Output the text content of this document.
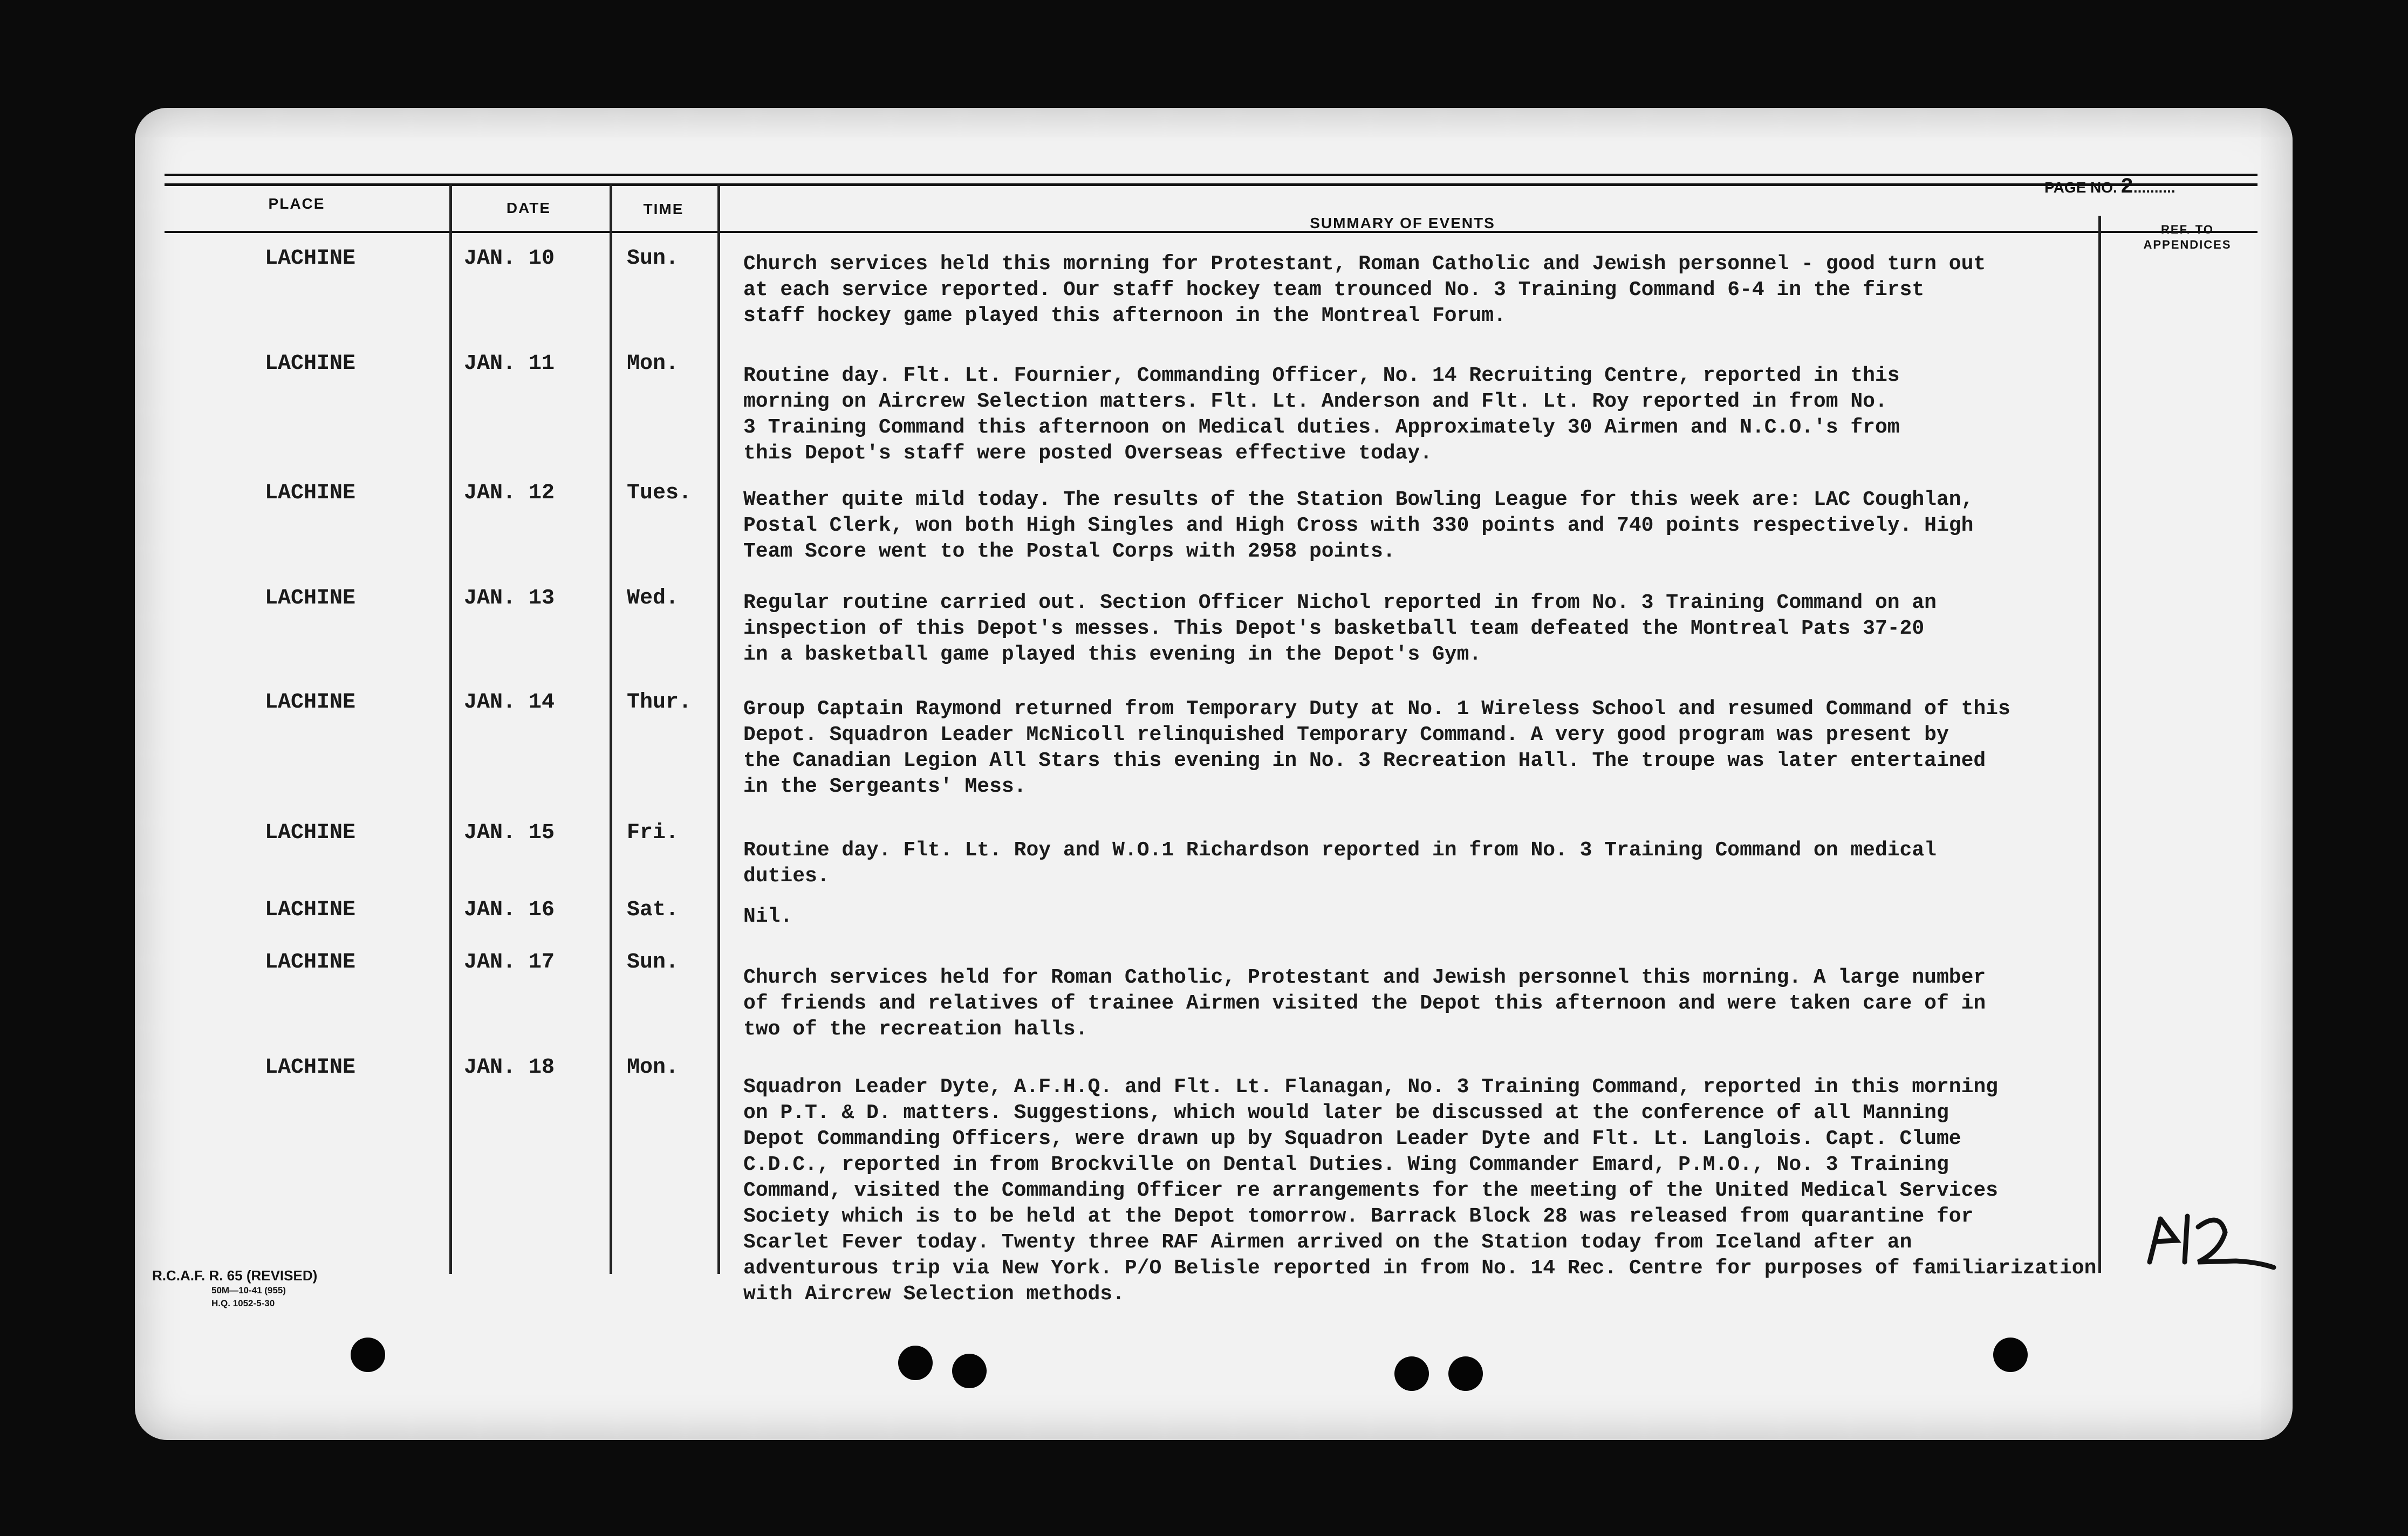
PLACE	DATE	TIME
SUMMARY OF EVENTS	REF. TO
APPENDICES
PAGE NO. 2..........
LACHINE	JAN. 10	Sun.	Church services held this morning for Protestant, Roman Catholic and Jewish personnel - good turn out
at each service reported. Our staff hockey team trounced No. 3 Training Command 6-4 in the first
staff hockey game played this afternoon in the Montreal Forum.
LACHINE	JAN. 11	Mon.	Routine day. Flt. Lt. Fournier, Commanding Officer, No. 14 Recruiting Centre, reported in this
morning on Aircrew Selection matters. Flt. Lt. Anderson and Flt. Lt. Roy reported in from No.
3 Training Command this afternoon on Medical duties. Approximately 30 Airmen and N.C.O.'s from
this Depot's staff were posted Overseas effective today.
LACHINE	JAN. 12	Tues.	Weather quite mild today. The results of the Station Bowling League for this week are: LAC Coughlan,
Postal Clerk, won both High Singles and High Cross with 330 points and 740 points respectively. High
Team Score went to the Postal Corps with 2958 points.
LACHINE	JAN. 13	Wed.	Regular routine carried out. Section Officer Nichol reported in from No. 3 Training Command on an
inspection of this Depot's messes. This Depot's basketball team defeated the Montreal Pats 37-20
in a basketball game played this evening in the Depot's Gym.
LACHINE	JAN. 14	Thur.	Group Captain Raymond returned from Temporary Duty at No. 1 Wireless School and resumed Command of this
Depot. Squadron Leader McNicoll relinquished Temporary Command. A very good program was present by
the Canadian Legion All Stars this evening in No. 3 Recreation Hall. The troupe was later entertained
in the Sergeants' Mess.
LACHINE	JAN. 15	Fri.
Routine day. Flt. Lt. Roy and W.O.1 Richardson reported in from No. 3 Training Command on medical
duties.
LACHINE	JAN. 16	Sat.	Nil.
LACHINE	JAN. 17	Sun.
Church services held for Roman Catholic, Protestant and Jewish personnel this morning. A large number
of friends and relatives of trainee Airmen visited the Depot this afternoon and were taken care of in
two of the recreation halls.
LACHINE	JAN. 18	Mon.
Squadron Leader Dyte, A.F.H.Q. and Flt. Lt. Flanagan, No. 3 Training Command, reported in this morning
on P.T. & D. matters. Suggestions, which would later be discussed at the conference of all Manning
Depot Commanding Officers, were drawn up by Squadron Leader Dyte and Flt. Lt. Langlois. Capt. Clume
C.D.C., reported in from Brockville on Dental Duties. Wing Commander Emard, P.M.O., No. 3 Training
Command, visited the Commanding Officer re arrangements for the meeting of the United Medical Services
Society which is to be held at the Depot tomorrow. Barrack Block 28 was released from quarantine for
Scarlet Fever today. Twenty three RAF Airmen arrived on the Station today from Iceland after an
adventurous trip via New York. P/O Belisle reported in from No. 14 Rec. Centre for purposes of familiarization
with Aircrew Selection methods.
R.C.A.F. R. 65 (REVISED)
50M—10-41 (955)
H.Q. 1052-5-30
